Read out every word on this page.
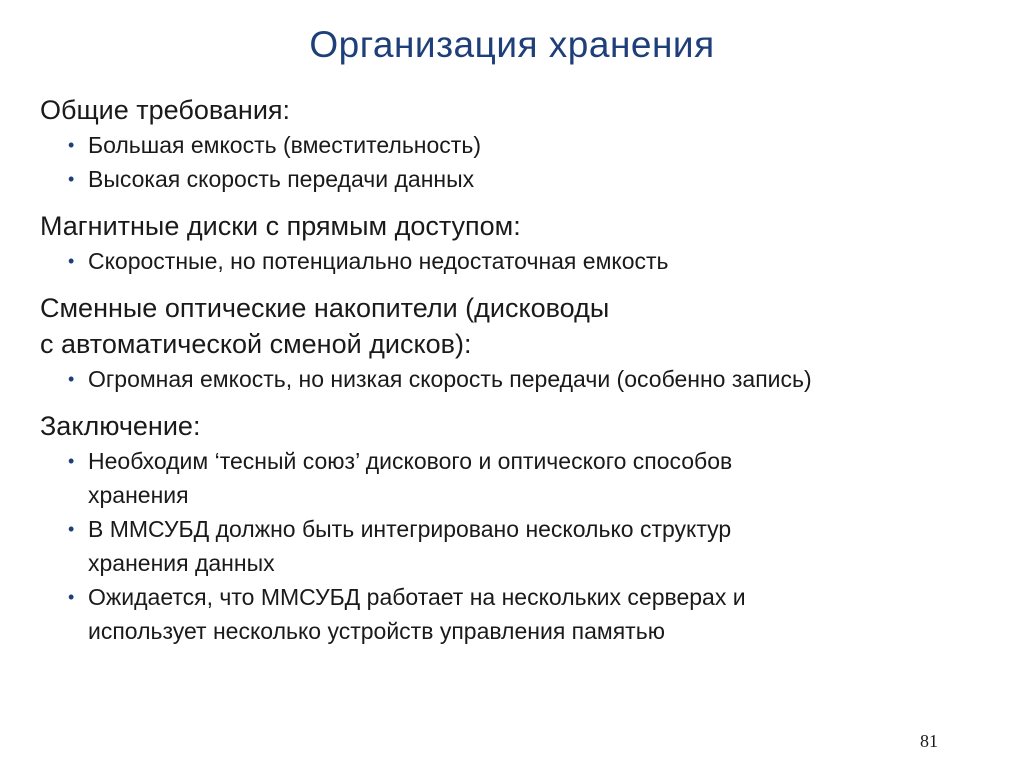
Организация хранения
Общие требования:
• Большая емкость (вместительность)
• Высокая скорость передачи данных
Магнитные диски с прямым доступом:
• Скоростные, но потенциально недостаточная емкость
Сменные оптические накопители (дисководы
с автоматической сменой дисков):
• Огромная емкость, но низкая скорость передачи (особенно запись)
Заключение:
• Необходим ‘тесный союз’ дискового и оптического способов
хранения
• В ММСУБД должно быть интегрировано несколько структур
хранения данных
• Ожидается, что ММСУБД работает на нескольких серверах и
использует несколько устройств управления памятью
81
